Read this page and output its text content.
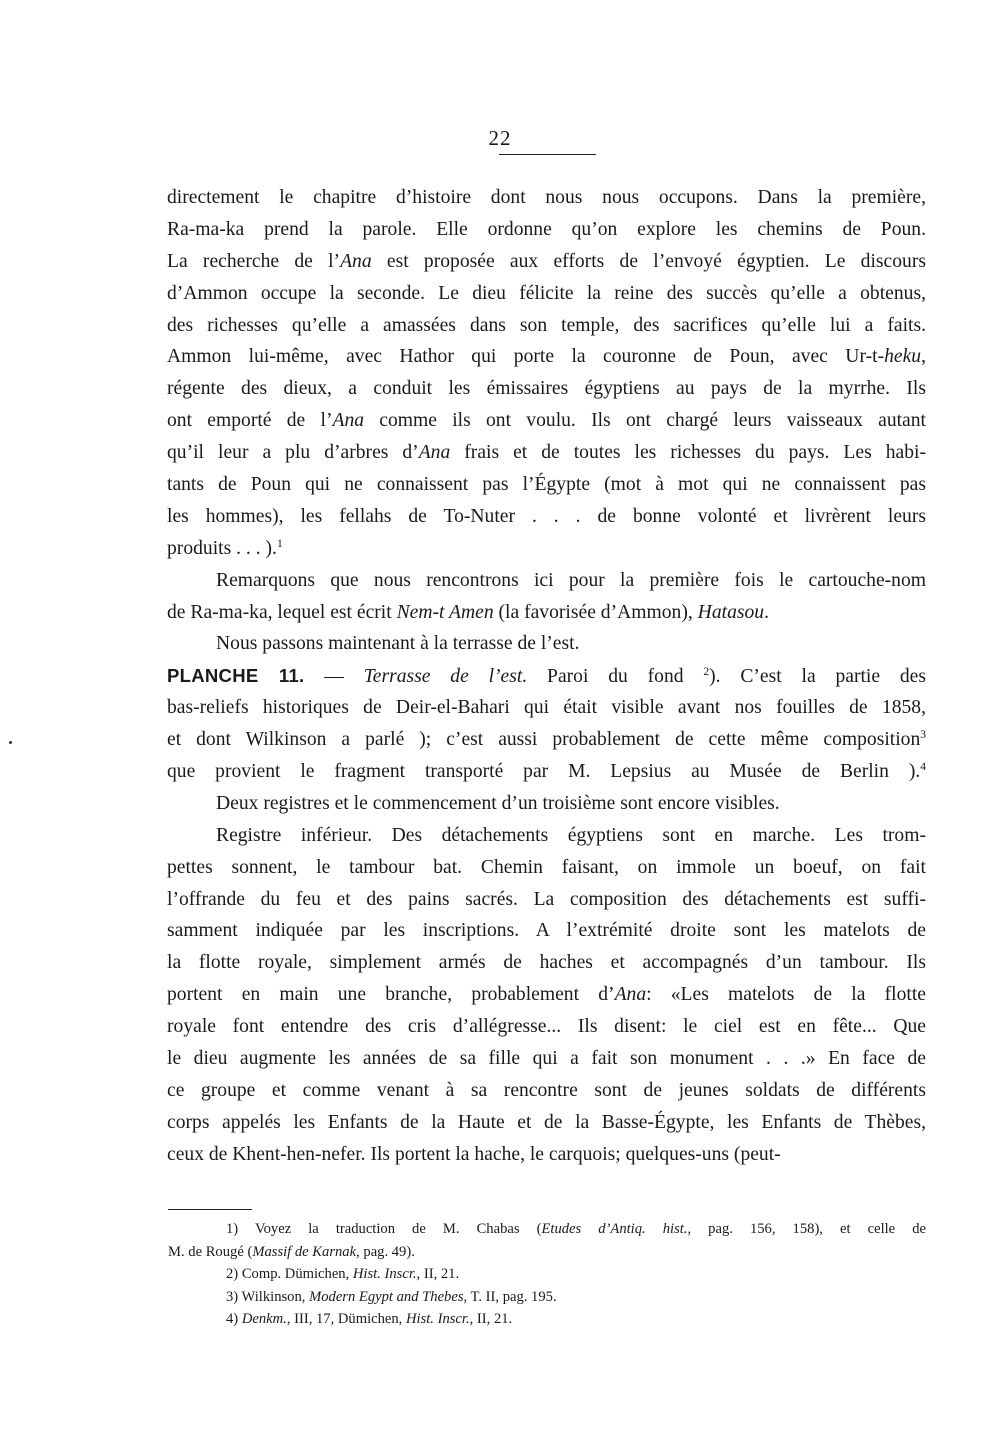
22
directement le chapitre d’histoire dont nous nous occupons. Dans la première,
Ra-ma-ka prend la parole. Elle ordonne qu’on explore les chemins de Poun.
La recherche de l’Ana est proposée aux efforts de l’envoyé égyptien. Le discours
d’Ammon occupe la seconde. Le dieu félicite la reine des succès qu’elle a obtenus,
des richesses qu’elle a amassées dans son temple, des sacrifices qu’elle lui a faits.
Ammon lui-même, avec Hathor qui porte la couronne de Poun, avec Ur-t-heku,
régente des dieux, a conduit les émissaires égyptiens au pays de la myrrhe. Ils
ont emporté de l’Ana comme ils ont voulu. Ils ont chargé leurs vaisseaux autant
qu’il leur a plu d’arbres d’Ana frais et de toutes les richesses du pays. Les habi-
tants de Poun qui ne connaissent pas l’Égypte (mot à mot qui ne connaissent pas
les hommes), les fellahs de To-Nuter . . . de bonne volonté et livrèrent leurs
produits . . . ).$^1$
Remarquons que nous rencontrons ici pour la première fois le cartouche-nom
de Ra-ma-ka, lequel est écrit Nem-t Amen (la favorisée d’Ammon), Hatasou.
Nous passons maintenant à la terrasse de l’est.
PLANCHE 11. — Terrasse de l’est. Paroi du fond $^2$). C’est la partie des
bas-reliefs historiques de Deir-el-Bahari qui était visible avant nos fouilles de 1858,
et dont Wilkinson a parlé ); c’est aussi probablement de cette même composition$^3$
que provient le fragment transporté par M. Lepsius au Musée de Berlin ).$^4$
Deux registres et le commencement d’un troisième sont encore visibles.
Registre inférieur. Des détachements égyptiens sont en marche. Les trom-
pettes sonnent, le tambour bat. Chemin faisant, on immole un boeuf, on fait
l’offrande du feu et des pains sacrés. La composition des détachements est suffi-
samment indiquée par les inscriptions. A l’extrémité droite sont les matelots de
la flotte royale, simplement armés de haches et accompagnés d’un tambour. Ils
portent en main une branche, probablement d’Ana: «Les matelots de la flotte
royale font entendre des cris d’allégresse... Ils disent: le ciel est en fête... Que
le dieu augmente les années de sa fille qui a fait son monument . . .» En face de
ce groupe et comme venant à sa rencontre sont de jeunes soldats de différents
corps appelés les Enfants de la Haute et de la Basse-Égypte, les Enfants de Thèbes,
ceux de Khent-hen-nefer. Ils portent la hache, le carquois; quelques-uns (peut-
1) Voyez la traduction de M. Chabas (Etudes d’Antiq. hist., pag. 156, 158), et celle de
M. de Rougé (Massif de Karnak, pag. 49).
2) Comp. Dümichen, Hist. Inscr., II, 21.
3) Wilkinson, Modern Egypt and Thebes, T. II, pag. 195.
4) Denkm., III, 17, Dümichen, Hist. Inscr., II, 21.
